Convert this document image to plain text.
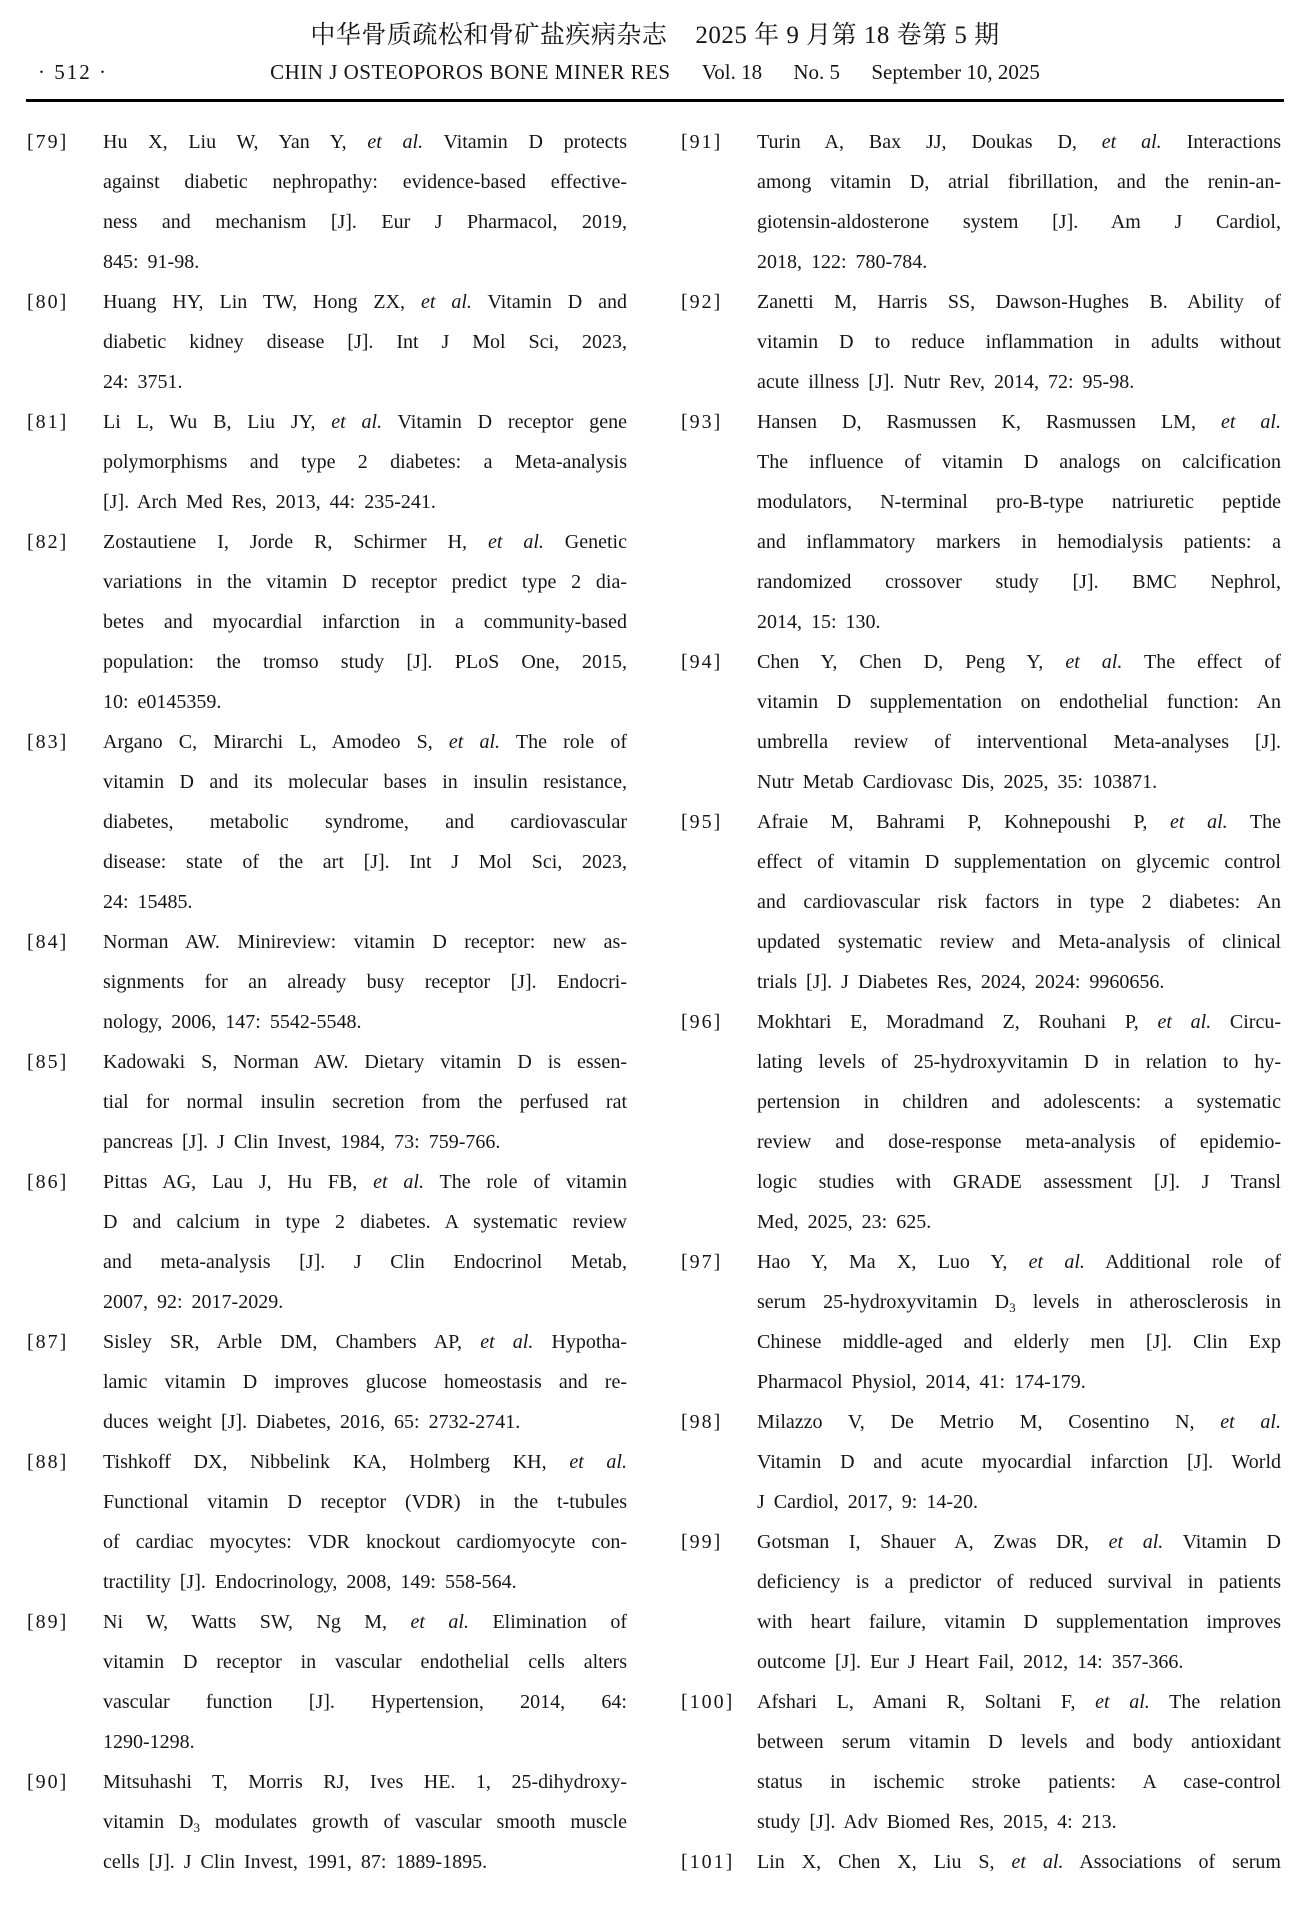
中华骨质疏松和骨矿盐疾病杂志 2025 年 9 月第 18 卷第 5 期
· 512 ·	CHIN J OSTEOPOROS BONE MINER RES Vol. 18 No. 5 September 10, 2025
[79]	Hu X, Liu W, Yan Y, et al. Vitamin D protects
against diabetic nephropathy: evidence-based effective-
ness and mechanism [J]. Eur J Pharmacol, 2019,
845: 91-98.
[80]	Huang HY, Lin TW, Hong ZX, et al. Vitamin D and
diabetic kidney disease [J]. Int J Mol Sci, 2023,
24: 3751.
[81]	Li L, Wu B, Liu JY, et al. Vitamin D receptor gene
polymorphisms and type 2 diabetes: a Meta-analysis
[J]. Arch Med Res, 2013, 44: 235-241.
[82]	Zostautiene I, Jorde R, Schirmer H, et al. Genetic
variations in the vitamin D receptor predict type 2 dia-
betes and myocardial infarction in a community-based
population: the tromso study [J]. PLoS One, 2015,
10: e0145359.
[83]	Argano C, Mirarchi L, Amodeo S, et al. The role of
vitamin D and its molecular bases in insulin resistance,
diabetes, metabolic syndrome, and cardiovascular
disease: state of the art [J]. Int J Mol Sci, 2023,
24: 15485.
[84]	Norman AW. Minireview: vitamin D receptor: new as-
signments for an already busy receptor [J]. Endocri-
nology, 2006, 147: 5542-5548.
[85]	Kadowaki S, Norman AW. Dietary vitamin D is essen-
tial for normal insulin secretion from the perfused rat
pancreas [J]. J Clin Invest, 1984, 73: 759-766.
[86]	Pittas AG, Lau J, Hu FB, et al. The role of vitamin
D and calcium in type 2 diabetes. A systematic review
and meta-analysis [J]. J Clin Endocrinol Metab,
2007, 92: 2017-2029.
[87]	Sisley SR, Arble DM, Chambers AP, et al. Hypotha-
lamic vitamin D improves glucose homeostasis and re-
duces weight [J]. Diabetes, 2016, 65: 2732-2741.
[88]	Tishkoff DX, Nibbelink KA, Holmberg KH, et al.
Functional vitamin D receptor (VDR) in the t-tubules
of cardiac myocytes: VDR knockout cardiomyocyte con-
tractility [J]. Endocrinology, 2008, 149: 558-564.
[89]	Ni W, Watts SW, Ng M, et al. Elimination of
vitamin D receptor in vascular endothelial cells alters
vascular function [J]. Hypertension, 2014, 64:
1290-1298.
[90]	Mitsuhashi T, Morris RJ, Ives HE. 1, 25-dihydroxy-
vitamin $D_3$ modulates growth of vascular smooth muscle
cells [J]. J Clin Invest, 1991, 87: 1889-1895.
[91]	Turin A, Bax JJ, Doukas D, et al. Interactions
among vitamin D, atrial fibrillation, and the renin-an-
giotensin-aldosterone system [J]. Am J Cardiol,
2018, 122: 780-784.
[92]	Zanetti M, Harris SS, Dawson-Hughes B. Ability of
vitamin D to reduce inflammation in adults without
acute illness [J]. Nutr Rev, 2014, 72: 95-98.
[93]	Hansen D, Rasmussen K, Rasmussen LM, et al.
The influence of vitamin D analogs on calcification
modulators, N-terminal pro-B-type natriuretic peptide
and inflammatory markers in hemodialysis patients: a
randomized crossover study [J]. BMC Nephrol,
2014, 15: 130.
[94]	Chen Y, Chen D, Peng Y, et al. The effect of
vitamin D supplementation on endothelial function: An
umbrella review of interventional Meta-analyses [J].
Nutr Metab Cardiovasc Dis, 2025, 35: 103871.
[95]	Afraie M, Bahrami P, Kohnepoushi P, et al. The
effect of vitamin D supplementation on glycemic control
and cardiovascular risk factors in type 2 diabetes: An
updated systematic review and Meta-analysis of clinical
trials [J]. J Diabetes Res, 2024, 2024: 9960656.
[96]	Mokhtari E, Moradmand Z, Rouhani P, et al. Circu-
lating levels of 25-hydroxyvitamin D in relation to hy-
pertension in children and adolescents: a systematic
review and dose-response meta-analysis of epidemio-
logic studies with GRADE assessment [J]. J Transl
Med, 2025, 23: 625.
[97]	Hao Y, Ma X, Luo Y, et al. Additional role of
serum 25-hydroxyvitamin $D_3$ levels in atherosclerosis in
Chinese middle-aged and elderly men [J]. Clin Exp
Pharmacol Physiol, 2014, 41: 174-179.
[98]	Milazzo V, De Metrio M, Cosentino N, et al.
Vitamin D and acute myocardial infarction [J]. World
J Cardiol, 2017, 9: 14-20.
[99]	Gotsman I, Shauer A, Zwas DR, et al. Vitamin D
deficiency is a predictor of reduced survival in patients
with heart failure, vitamin D supplementation improves
outcome [J]. Eur J Heart Fail, 2012, 14: 357-366.
[100]	Afshari L, Amani R, Soltani F, et al. The relation
between serum vitamin D levels and body antioxidant
status in ischemic stroke patients: A case-control
study [J]. Adv Biomed Res, 2015, 4: 213.
[101]	Lin X, Chen X, Liu S, et al. Associations of serum
